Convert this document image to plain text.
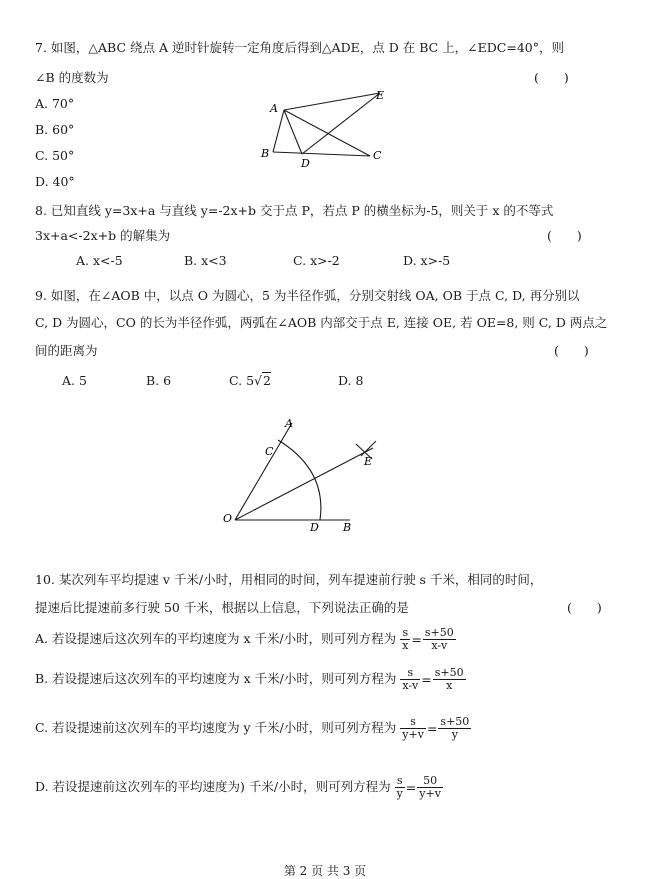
7. 如图，△ABC 绕点 A 逆时针旋转一定角度后得到△ADE，点 D 在 BC 上，∠EDC=40°，则
∠B 的度数为	(　　)
A. 70°
B. 60°
C. 50°
D. 40°
A
E
B
D
C
8. 已知直线 y=3x+a 与直线 y=-2x+b 交于点 P，若点 P 的横坐标为-5，则关于 x 的不等式
3x+a<-2x+b 的解集为	(　　)
A. x<-5	B. x<3	C. x>-2	D. x>-5
9. 如图，在∠AOB 中，以点 O 为圆心，5 为半径作弧，分别交射线 OA, OB 于点 C, D, 再分别以
C, D 为圆心，CO 的长为半径作弧，两弧在∠AOB 内部交于点 E, 连接 OE, 若 OE=8, 则 C, D 两点之
间的距离为	(　　)
A. 5	B. 6	C. 5√2	D. 8
A
C
E
O
D B
10. 某次列车平均提速 v 千米/小时，用相同的时间，列车提速前行驶 s 千米，相同的时间，
提速后比提速前多行驶 50 千米，根据以上信息，下列说法正确的是	(　　)
A. 若设提速后这次列车的平均速度为 x 千米/小时，则可列方程为 $\frac{s}{x} = \frac{s+50}{x-v}$
B. 若设提速后这次列车的平均速度为 x 千米/小时，则可列方程为 $\frac{s}{x-v} = \frac{s+50}{x}$
C. 若设提速前这次列车的平均速度为 y 千米/小时，则可列方程为 $\frac{s}{y+v} = \frac{s+50}{y}$
D. 若设提速前这次列车的平均速度为) 千米/小时，则可列方程为 $\frac{s}{y} = \frac{50}{y+v}$
第 2 页 共 3 页
